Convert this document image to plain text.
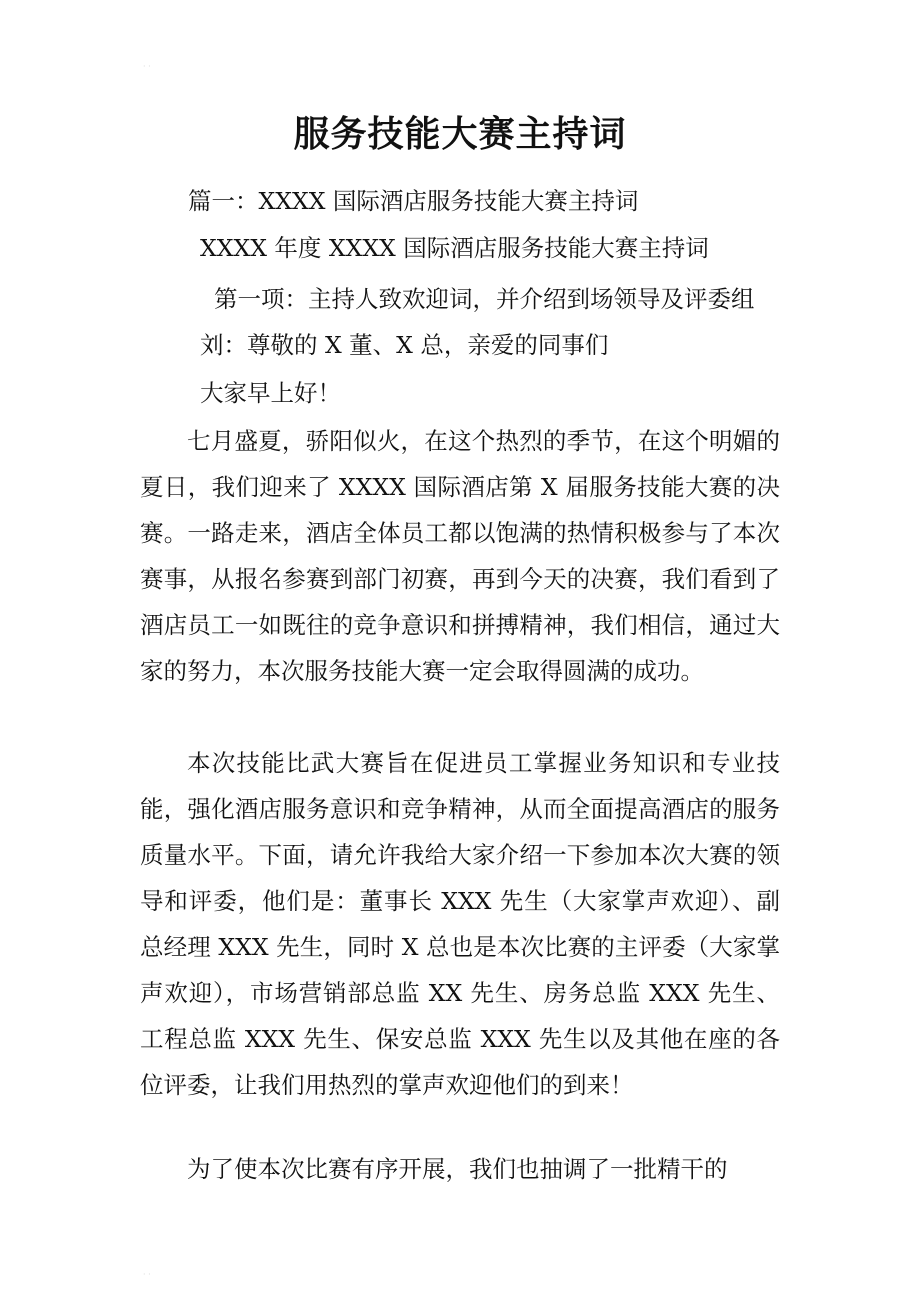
· ·
服务技能大赛主持词
篇一：XXXX 国际酒店服务技能大赛主持词
XXXX 年度 XXXX 国际酒店服务技能大赛主持词
第一项：主持人致欢迎词，并介绍到场领导及评委组
刘：尊敬的 X 董、X 总，亲爱的同事们
大家早上好！
七月盛夏，骄阳似火，在这个热烈的季节，在这个明媚的夏日，我们迎来了 XXXX 国际酒店第 X 届服务技能大赛的决赛。一路走来，酒店全体员工都以饱满的热情积极参与了本次赛事，从报名参赛到部门初赛，再到今天的决赛，我们看到了酒店员工一如既往的竞争意识和拼搏精神，我们相信，通过大家的努力，本次服务技能大赛一定会取得圆满的成功。
本次技能比武大赛旨在促进员工掌握业务知识和专业技能，强化酒店服务意识和竞争精神，从而全面提高酒店的服务质量水平。下面，请允许我给大家介绍一下参加本次大赛的领导和评委，他们是：董事长 XXX 先生（大家掌声欢迎）、副总经理 XXX 先生，同时 X 总也是本次比赛的主评委（大家掌声欢迎），市场营销部总监 XX 先生、房务总监 XXX 先生、工程总监 XXX 先生、保安总监 XXX 先生以及其他在座的各位评委，让我们用热烈的掌声欢迎他们的到来！
为了使本次比赛有序开展，我们也抽调了一批精干的
· ·
